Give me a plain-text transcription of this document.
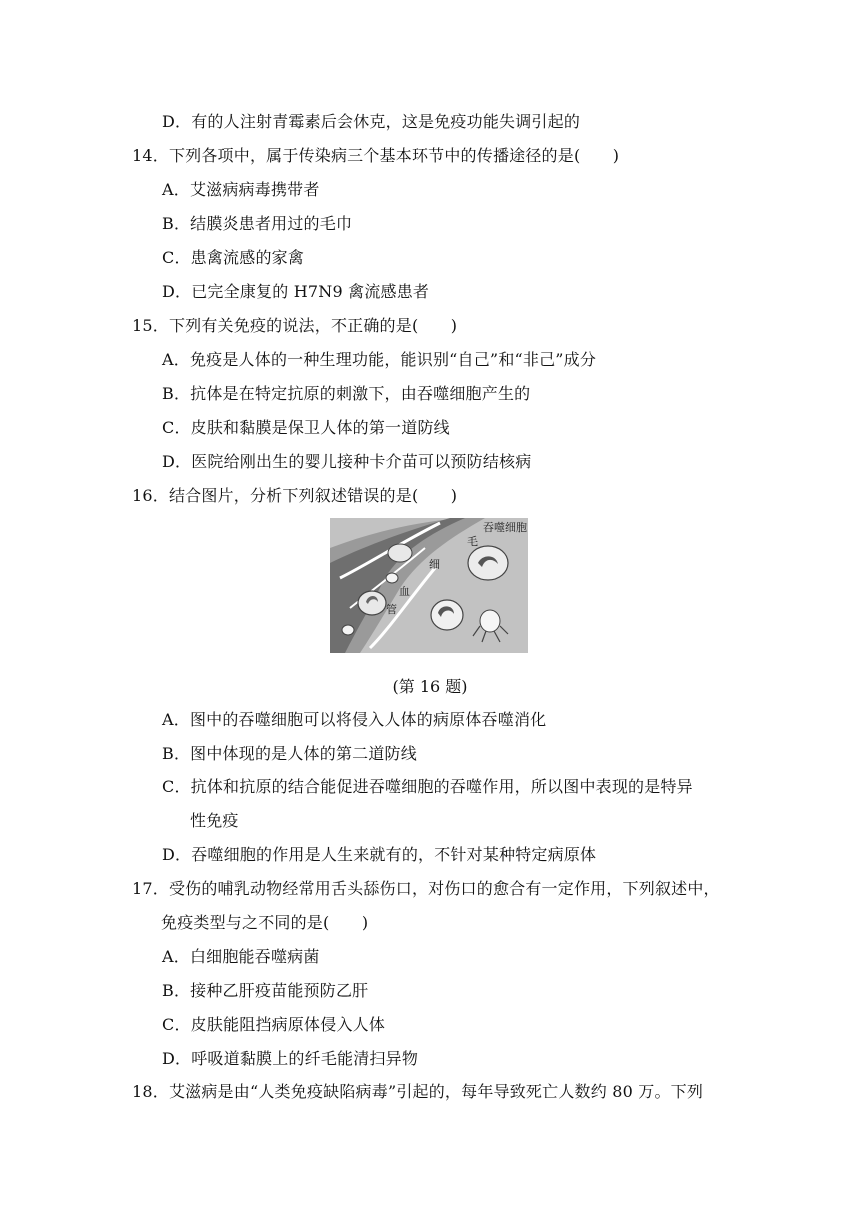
D．有的人注射青霉素后会休克，这是免疫功能失调引起的
14．下列各项中，属于传染病三个基本环节中的传播途径的是(　　)
A．艾滋病病毒携带者
B．结膜炎患者用过的毛巾
C．患禽流感的家禽
D．已完全康复的 H7N9 禽流感患者
15．下列有关免疫的说法，不正确的是(　　)
A．免疫是人体的一种生理功能，能识别“自己”和“非己”成分
B．抗体是在特定抗原的刺激下，由吞噬细胞产生的
C．皮肤和黏膜是保卫人体的第一道防线
D．医院给刚出生的婴儿接种卡介苗可以预防结核病
16．结合图片，分析下列叙述错误的是(　　)
吞噬细胞
毛
细
血
管
(第 16 题)
A．图中的吞噬细胞可以将侵入人体的病原体吞噬消化
B．图中体现的是人体的第二道防线
C．抗体和抗原的结合能促进吞噬细胞的吞噬作用，所以图中表现的是特异
性免疫
D．吞噬细胞的作用是人生来就有的，不针对某种特定病原体
17．受伤的哺乳动物经常用舌头舔伤口，对伤口的愈合有一定作用，下列叙述中，
免疫类型与之不同的是(　　)
A．白细胞能吞噬病菌
B．接种乙肝疫苗能预防乙肝
C．皮肤能阻挡病原体侵入人体
D．呼吸道黏膜上的纤毛能清扫异物
18．艾滋病是由“人类免疫缺陷病毒”引起的，每年导致死亡人数约 80 万。下列
